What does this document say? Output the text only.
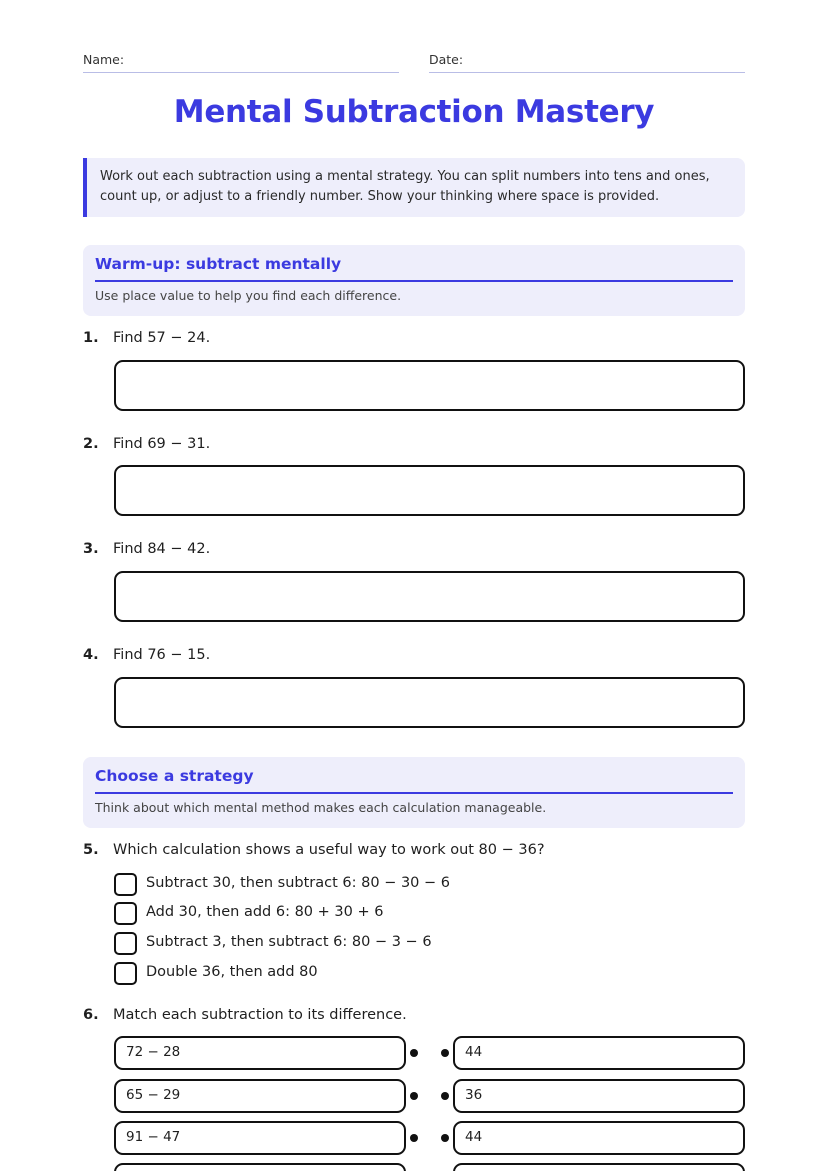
Name:	Date:
Mental Subtraction Mastery
Work out each subtraction using a mental strategy. You can split numbers into tens and ones, count up, or adjust to a friendly number. Show your thinking where space is provided.
Warm-up: subtract mentally
Use place value to help you find each difference.
1. Find 57 − 24.
2. Find 69 − 31.
3. Find 84 − 42.
4. Find 76 − 15.
Choose a strategy
Think about which mental method makes each calculation manageable.
5. Which calculation shows a useful way to work out 80 − 36?
Subtract 30, then subtract 6: 80 − 30 − 6
Add 30, then add 6: 80 + 30 + 6
Subtract 3, then subtract 6: 80 − 3 − 6
Double 36, then add 80
6. Match each subtraction to its difference.
72 − 28	44
65 − 29	36
91 − 47	44
